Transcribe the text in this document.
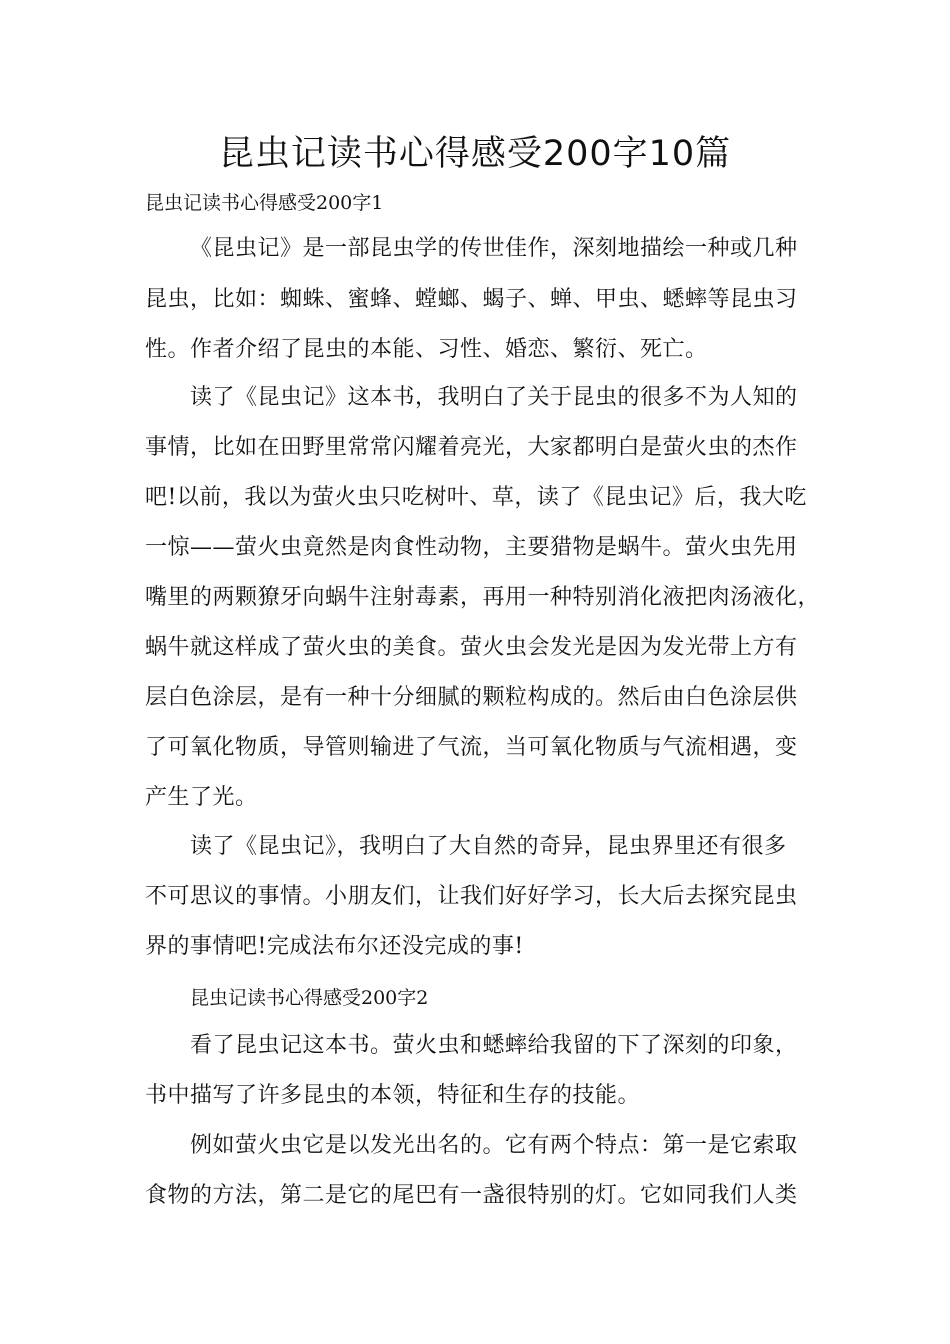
昆虫记读书心得感受200字10篇
昆虫记读书心得感受200字1
《昆虫记》是一部昆虫学的传世佳作，深刻地描绘一种或几种
昆虫，比如：蜘蛛、蜜蜂、螳螂、蝎子、蝉、甲虫、蟋蟀等昆虫习
性。作者介绍了昆虫的本能、习性、婚恋、繁衍、死亡。
读了《昆虫记》这本书，我明白了关于昆虫的很多不为人知的
事情，比如在田野里常常闪耀着亮光，大家都明白是萤火虫的杰作
吧!以前，我以为萤火虫只吃树叶、草，读了《昆虫记》后，我大吃
一惊——萤火虫竟然是肉食性动物，主要猎物是蜗牛。萤火虫先用
嘴里的两颗獠牙向蜗牛注射毒素，再用一种特别消化液把肉汤液化，
蜗牛就这样成了萤火虫的美食。萤火虫会发光是因为发光带上方有
层白色涂层，是有一种十分细腻的颗粒构成的。然后由白色涂层供
了可氧化物质，导管则输进了气流，当可氧化物质与气流相遇，变
产生了光。
读了《昆虫记》，我明白了大自然的奇异，昆虫界里还有很多
不可思议的事情。小朋友们，让我们好好学习，长大后去探究昆虫
界的事情吧!完成法布尔还没完成的事!
昆虫记读书心得感受200字2
看了昆虫记这本书。萤火虫和蟋蟀给我留的下了深刻的印象，
书中描写了许多昆虫的本领，特征和生存的技能。
例如萤火虫它是以发光出名的。它有两个特点：第一是它索取
食物的方法，第二是它的尾巴有一盏很特别的灯。它如同我们人类
